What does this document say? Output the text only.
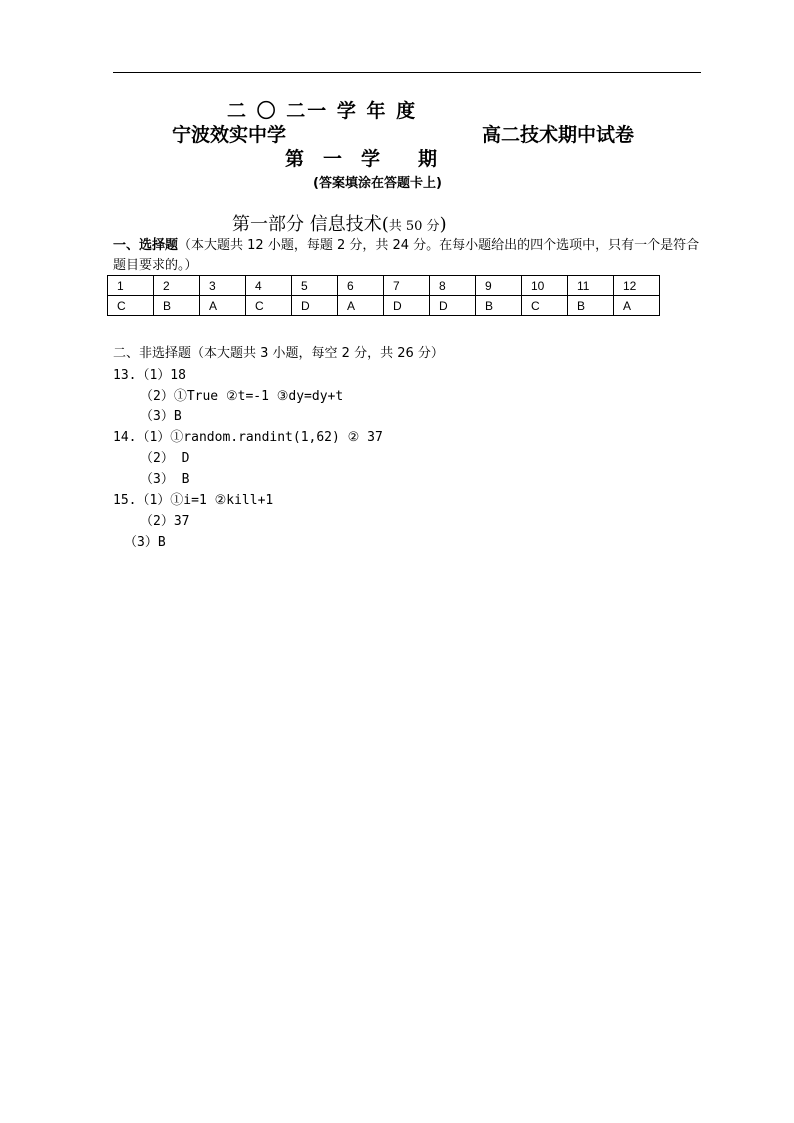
二 〇 二一 学 年 度
宁波效实中学	高二技术期中试卷
第　一　学　　期
(答案填涂在答题卡上)
第一部分 信息技术(共 50 分)
一、选择题（本大题共 12 小题，每题 2 分，共 24 分。在每小题给出的四个选项中，只有一个是符合题目要求的。）
1	2	3	4	5	6	7	8	9	10	11	12
C	B	A	C	D	A	D	D	B	C	B	A
二、非选择题（本大题共 3 小题，每空 2 分，共 26 分）
13.（1）18
（2）①True ②t=-1 ③dy=dy+t
（3）B
14.（1）①random.randint(1,62) ② 37
（2） D
（3） B
15.（1）①i=1 ②kill+1
（2）37
（3）B
